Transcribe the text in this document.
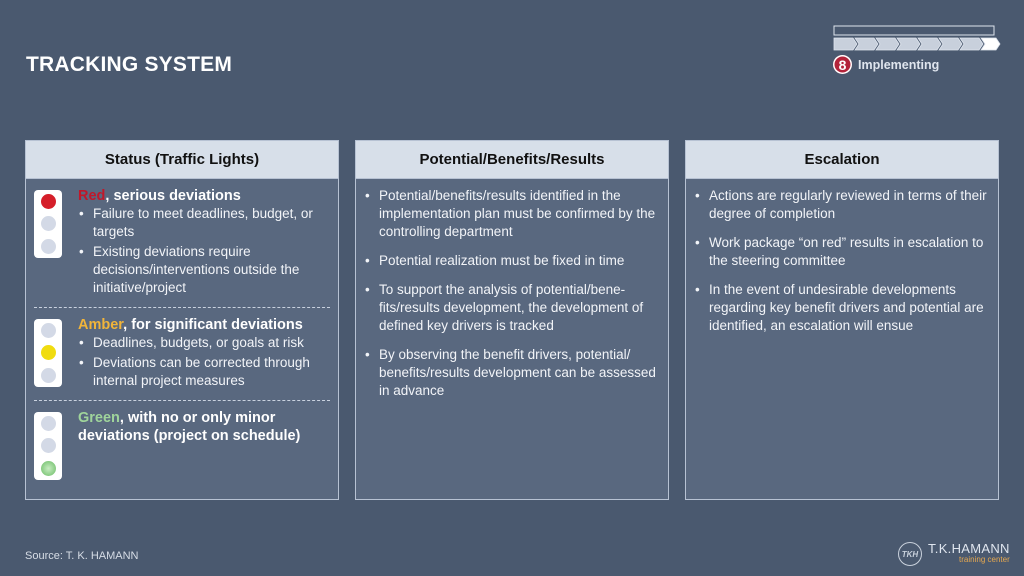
TRACKING SYSTEM	8 Implementing
Status (Traffic Lights)
Red, serious deviations
• Failure to meet deadlines, budget, or targets
• Existing deviations require decisions/interventions outside the initiative/project
Amber, for significant deviations
• Deadlines, budgets, or goals at risk
• Deviations can be corrected through internal project measures
Green, with no or only minor deviations (project on schedule)
Potential/Benefits/Results
• Potential/benefits/results identified in the implementation plan must be confirmed by the controlling department
• Potential realization must be fixed in time
• To support the analysis of potential/bene-fits/results development, the development of defined key drivers is tracked
• By observing the benefit drivers, potential/ benefits/results development can be assessed in advance
Escalation
• Actions are regularly reviewed in terms of their degree of completion
• Work package “on red” results in escalation to the steering committee
• In the event of undesirable developments regarding key benefit drivers and potential are identified, an escalation will ensue
Source: T. K. HAMANN	TKH T.K.HAMANN
training center
